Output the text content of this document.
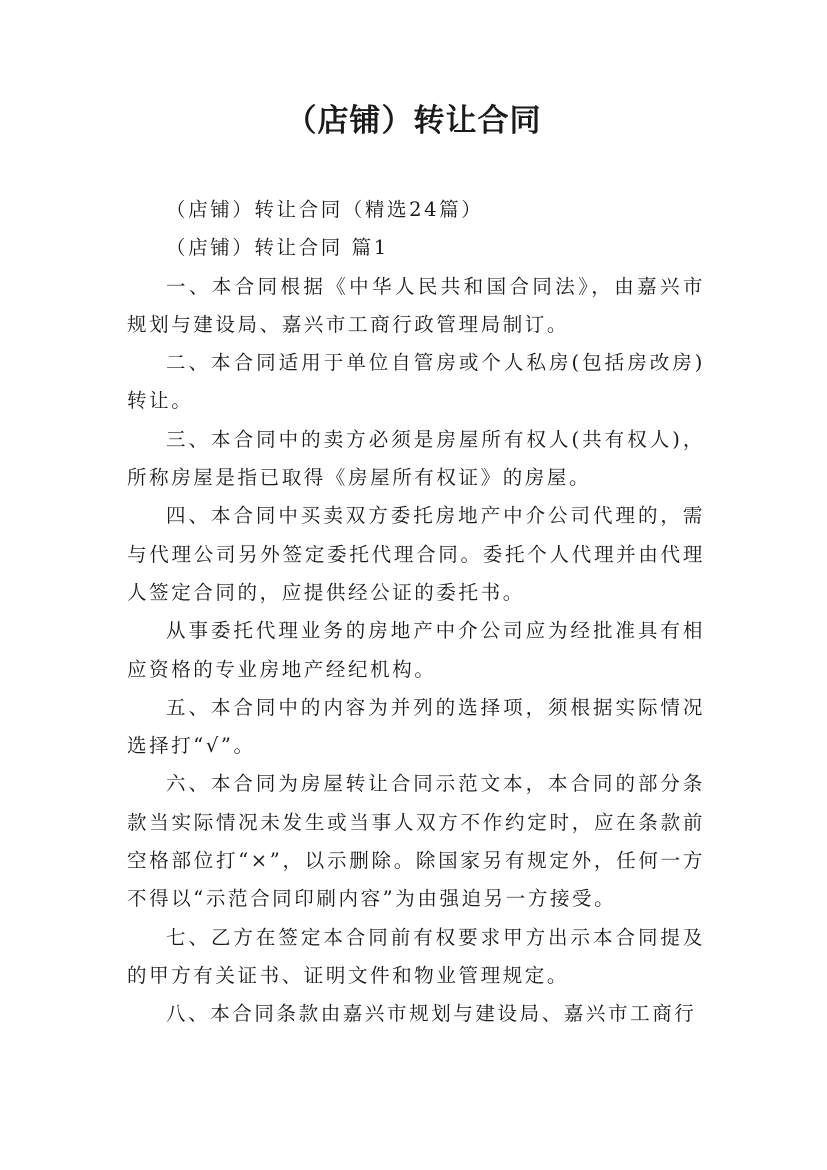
（店铺）转让合同

（店铺）转让合同（精选24篇）

（店铺）转让合同 篇1

一、本合同根据《中华人民共和国合同法》，由嘉兴市规划与建设局、嘉兴市工商行政管理局制订。

二、本合同适用于单位自管房或个人私房(包括房改房)转让。

三、本合同中的卖方必须是房屋所有权人(共有权人)，所称房屋是指已取得《房屋所有权证》的房屋。

四、本合同中买卖双方委托房地产中介公司代理的，需与代理公司另外签定委托代理合同。委托个人代理并由代理人签定合同的，应提供经公证的委托书。

从事委托代理业务的房地产中介公司应为经批准具有相应资格的专业房地产经纪机构。

五、本合同中的内容为并列的选择项，须根据实际情况选择打“√”。

六、本合同为房屋转让合同示范文本，本合同的部分条款当实际情况未发生或当事人双方不作约定时，应在条款前空格部位打“×”，以示删除。除国家另有规定外，任何一方不得以“示范合同印刷内容”为由强迫另一方接受。

七、乙方在签定本合同前有权要求甲方出示本合同提及的甲方有关证书、证明文件和物业管理规定。

八、本合同条款由嘉兴市规划与建设局、嘉兴市工商行
